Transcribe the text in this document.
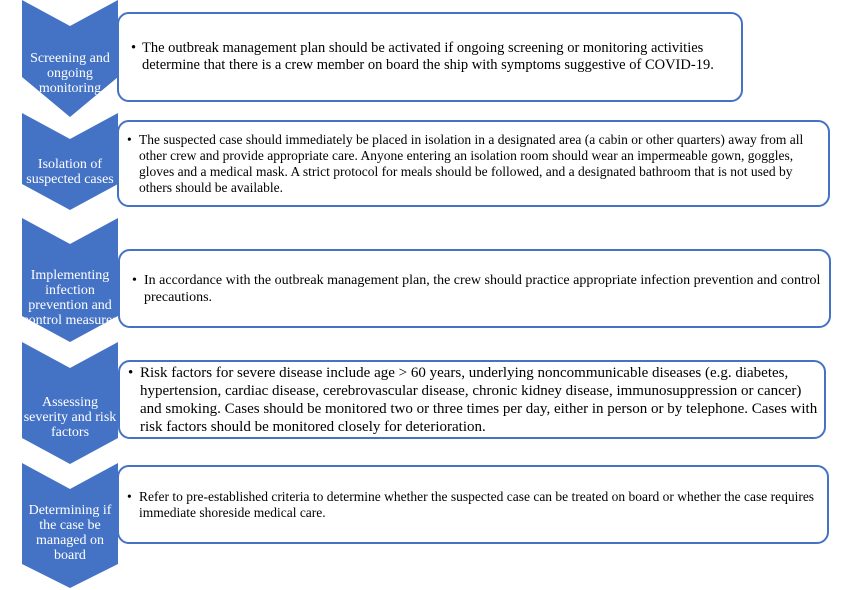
Screening and ongoing monitoring
• The outbreak management plan should be activated if ongoing screening or monitoring activities determine that there is a crew member on board the ship with symptoms suggestive of COVID-19.
Isolation of suspected cases
• The suspected case should immediately be placed in isolation in a designated area (a cabin or other quarters) away from all other crew and provide appropriate care. Anyone entering an isolation room should wear an impermeable gown, goggles, gloves and a medical mask. A strict protocol for meals should be followed, and a designated bathroom that is not used by others should be available.
Implementing infection prevention and control measures
• In accordance with the outbreak management plan, the crew should practice appropriate infection prevention and control precautions.
Assessing severity and risk factors
• Risk factors for severe disease include age > 60 years, underlying noncommunicable diseases (e.g. diabetes, hypertension, cardiac disease, cerebrovascular disease, chronic kidney disease, immunosuppression or cancer) and smoking. Cases should be monitored two or three times per day, either in person or by telephone. Cases with risk factors should be monitored closely for deterioration.
Determining if the case be managed on board
• Refer to pre-established criteria to determine whether the suspected case can be treated on board or whether the case requires immediate shoreside medical care.
